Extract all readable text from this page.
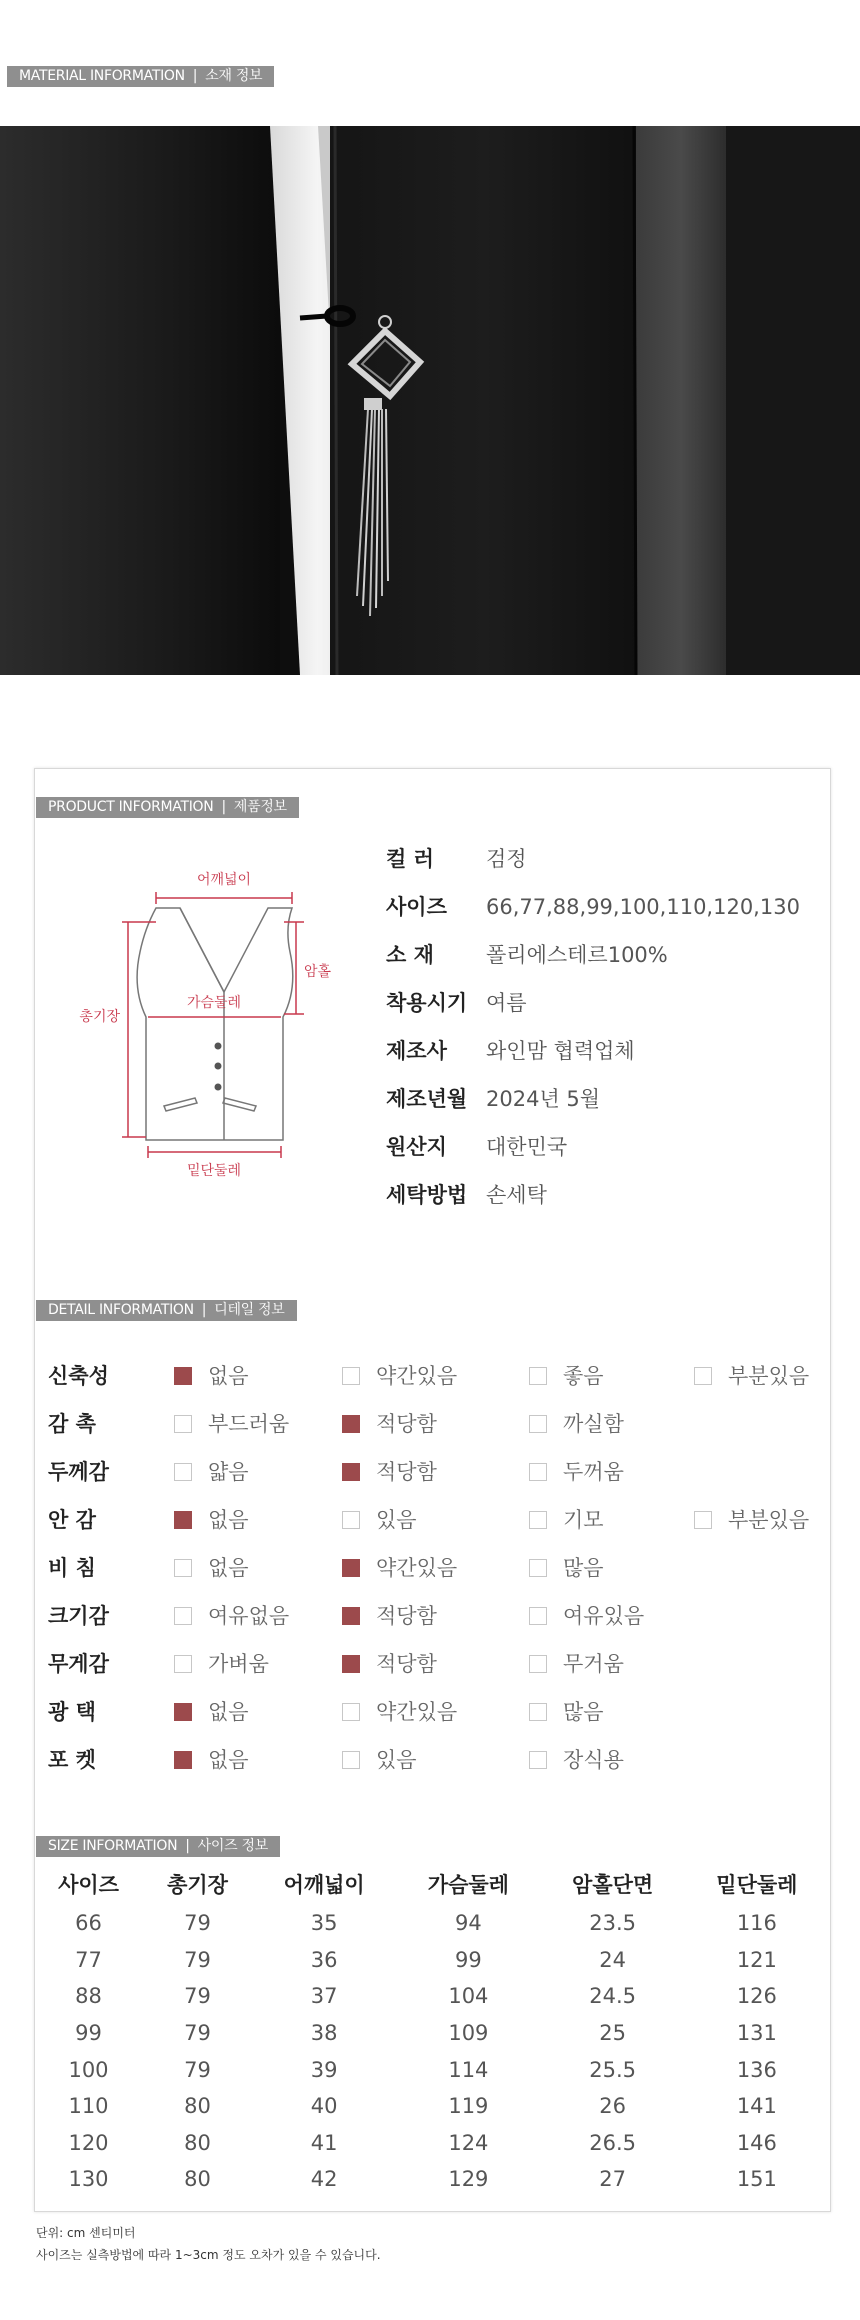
MATERIAL INFORMATION | 소재 정보
PRODUCT INFORMATION | 제품정보
어깨넓이
암홀
총기장
가슴둘레
밑단둘레
컬 러	검정
사이즈	66,77,88,99,100,110,120,130
소 재	폴리에스테르100%
착용시기 여름
제조사	와인맘 협력업체
제조년월 2024년 5월
원산지	대한민국
세탁방법 손세탁
DETAIL INFORMATION | 디테일 정보
신축성	없음	약간있음	좋음	부분있음
감 촉	부드러움	적당함	까실함
두께감	얇음	적당함	두꺼움
안 감	없음	있음	기모	부분있음
비 침	없음	약간있음	많음
크기감	여유없음	적당함	여유있음
무게감	가벼움	적당함	무거움
광 택	없음	약간있음	많음
포 켓	없음	있음	장식용
SIZE INFORMATION | 사이즈 정보
사이즈	총기장	어깨넓이	가슴둘레	암홀단면	밑단둘레
66	79	35	94	23.5	116
77	79	36	99	24	121
88	79	37	104	24.5	126
99	79	38	109	25	131
100	79	39	114	25.5	136
110	80	40	119	26	141
120	80	41	124	26.5	146
130	80	42	129	27	151
단위: cm 센티미터
사이즈는 실측방법에 따라 1~3cm 정도 오차가 있을 수 있습니다.
